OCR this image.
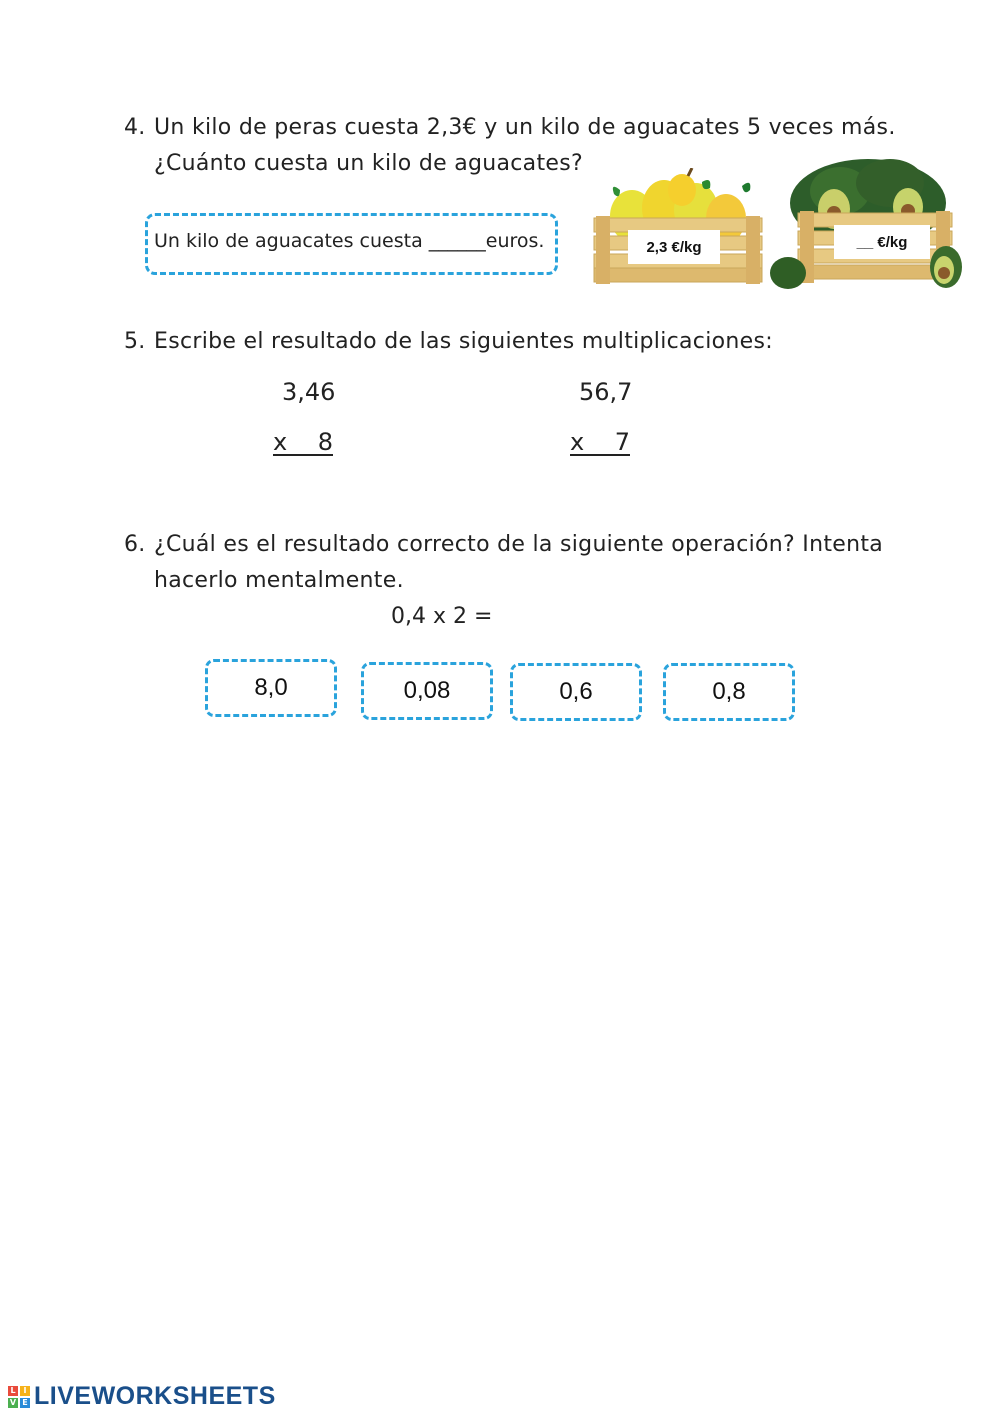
4. Un kilo de peras cuesta 2,3€ y un kilo de aguacates 5 veces más.
¿Cuánto cuesta un kilo de aguacates?
Un kilo de aguacates cuesta ______euros.	2,3 €/kg	__ €/kg
5. Escribe el resultado de las siguientes multiplicaciones:
3,46
x    8
56,7
x    7
6. ¿Cuál es el resultado correcto de la siguiente operación? Intenta
hacerlo mentalmente.
0,4 x 2 =
8,0	0,08	0,6	0,8
L I
V E LIVEWORKSHEETS
